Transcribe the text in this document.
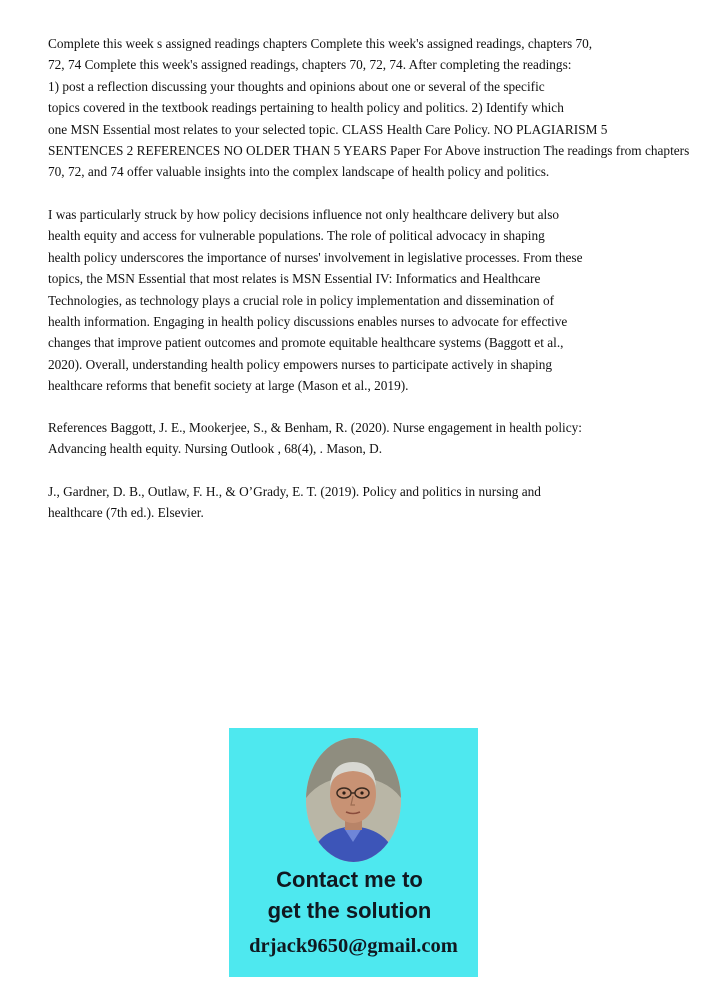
Complete this week s assigned readings chapters Complete this week's assigned readings, chapters 70,
72, 74 Complete this week's assigned readings, chapters 70, 72, 74. After completing the readings:
1) post a reflection discussing your thoughts and opinions about one or several of the specific
topics covered in the textbook readings pertaining to health policy and politics. 2) Identify which
one MSN Essential most relates to your selected topic. CLASS Health Care Policy. NO PLAGIARISM 5
SENTENCES 2 REFERENCES NO OLDER THAN 5 YEARS Paper For Above instruction The readings from chapters
70, 72, and 74 offer valuable insights into the complex landscape of health policy and politics.

I was particularly struck by how policy decisions influence not only healthcare delivery but also
health equity and access for vulnerable populations. The role of political advocacy in shaping
health policy underscores the importance of nurses' involvement in legislative processes. From these
topics, the MSN Essential that most relates is MSN Essential IV: Informatics and Healthcare
Technologies, as technology plays a crucial role in policy implementation and dissemination of
health information. Engaging in health policy discussions enables nurses to advocate for effective
changes that improve patient outcomes and promote equitable healthcare systems (Baggott et al.,
2020). Overall, understanding health policy empowers nurses to participate actively in shaping
healthcare reforms that benefit society at large (Mason et al., 2019).

References Baggott, J. E., Mookerjee, S., & Benham, R. (2020). Nurse engagement in health policy:
Advancing health equity. Nursing Outlook , 68(4), . Mason, D.

J., Gardner, D. B., Outlaw, F. H., & O’Grady, E. T. (2019). Policy and politics in nursing and
healthcare (7th ed.). Elsevier.

Contact me to
get the solution
drjack9650@gmail.com
